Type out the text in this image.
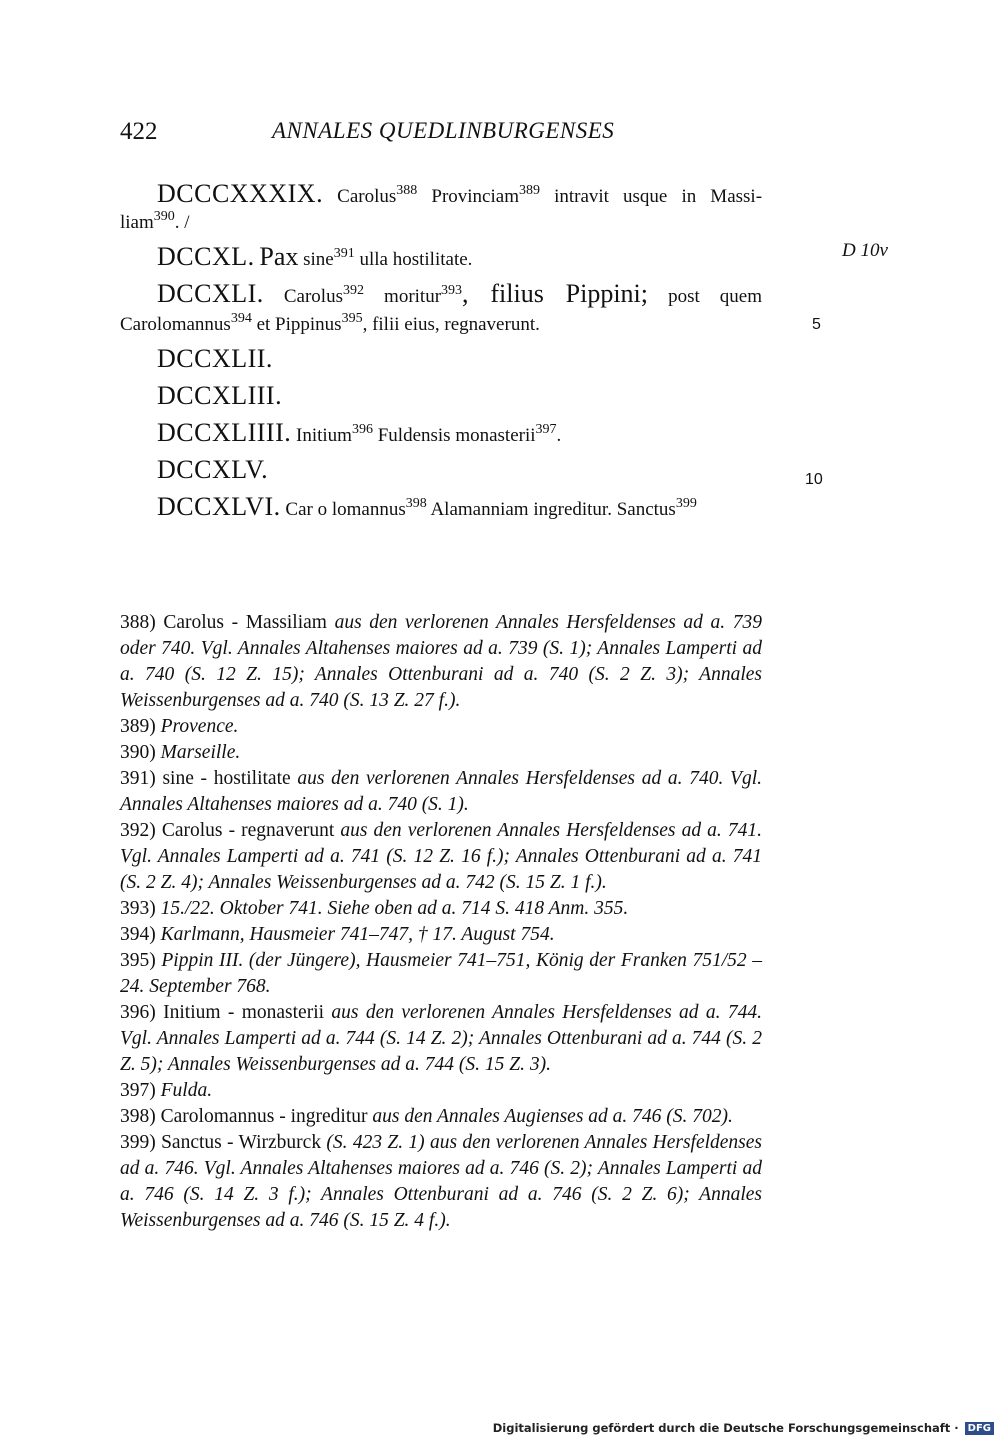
422	ANNALES QUEDLINBURGENSES
D 10v
5
10

DCCCXXXIX. Carolus$^{388}$ Provinciam$^{389}$ intravit usque in Massi-

liam$^{390}$. /

DCCXL. Pax sine$^{391}$ ulla hostilitate.

DCCXLI. Carolus$^{392}$ moritur$^{393}$, filius Pippini; post quem

Carolomannus$^{394}$ et Pippinus$^{395}$, filii eius, regnaverunt.

DCCXLII.

DCCXLIII.

DCCXLIIII. Initium$^{396}$ Fuldensis monasterii$^{397}$.

DCCXLV.

DCCXLVI. Car o lomannus$^{398}$ Alamanniam ingreditur. Sanctus$^{399}$

388) Carolus - Massiliam aus den verlorenen Annales Hersfeldenses ad a. 739 oder 740. Vgl. Annales Altahenses maiores ad a. 739 (S. 1); Annales Lamperti ad a. 740 (S. 12 Z. 15); Annales Ottenburani ad a. 740 (S. 2 Z. 3); Annales Weissenburgenses ad a. 740 (S. 13 Z. 27 f.).

389) Provence.

390) Marseille.

391) sine - hostilitate aus den verlorenen Annales Hersfeldenses ad a. 740. Vgl. Annales Altahenses maiores ad a. 740 (S. 1).

392) Carolus - regnaverunt aus den verlorenen Annales Hersfeldenses ad a. 741. Vgl. Annales Lamperti ad a. 741 (S. 12 Z. 16 f.); Annales Ottenburani ad a. 741 (S. 2 Z. 4); Annales Weissenburgenses ad a. 742 (S. 15 Z. 1 f.).

393) 15./22. Oktober 741. Siehe oben ad a. 714 S. 418 Anm. 355.

394) Karlmann, Hausmeier 741–747, † 17. August 754.

395) Pippin III. (der Jüngere), Hausmeier 741–751, König der Franken 751/52 – 24. September 768.

396) Initium - monasterii aus den verlorenen Annales Hersfeldenses ad a. 744. Vgl. Annales Lamperti ad a. 744 (S. 14 Z. 2); Annales Ottenburani ad a. 744 (S. 2 Z. 5); Annales Weissenburgenses ad a. 744 (S. 15 Z. 3).

397) Fulda.

398) Carolomannus - ingreditur aus den Annales Augienses ad a. 746 (S. 702).

399) Sanctus - Wirzburck (S. 423 Z. 1) aus den verlorenen Annales Hersfeldenses ad a. 746. Vgl. Annales Altahenses maiores ad a. 746 (S. 2); Annales Lamperti ad a. 746 (S. 14 Z. 3 f.); Annales Ottenburani ad a. 746 (S. 2 Z. 6); Annales Weissenburgenses ad a. 746 (S. 15 Z. 4 f.).

Digitalisierung gefördert durch die Deutsche Forschungsgemeinschaft · DFG
